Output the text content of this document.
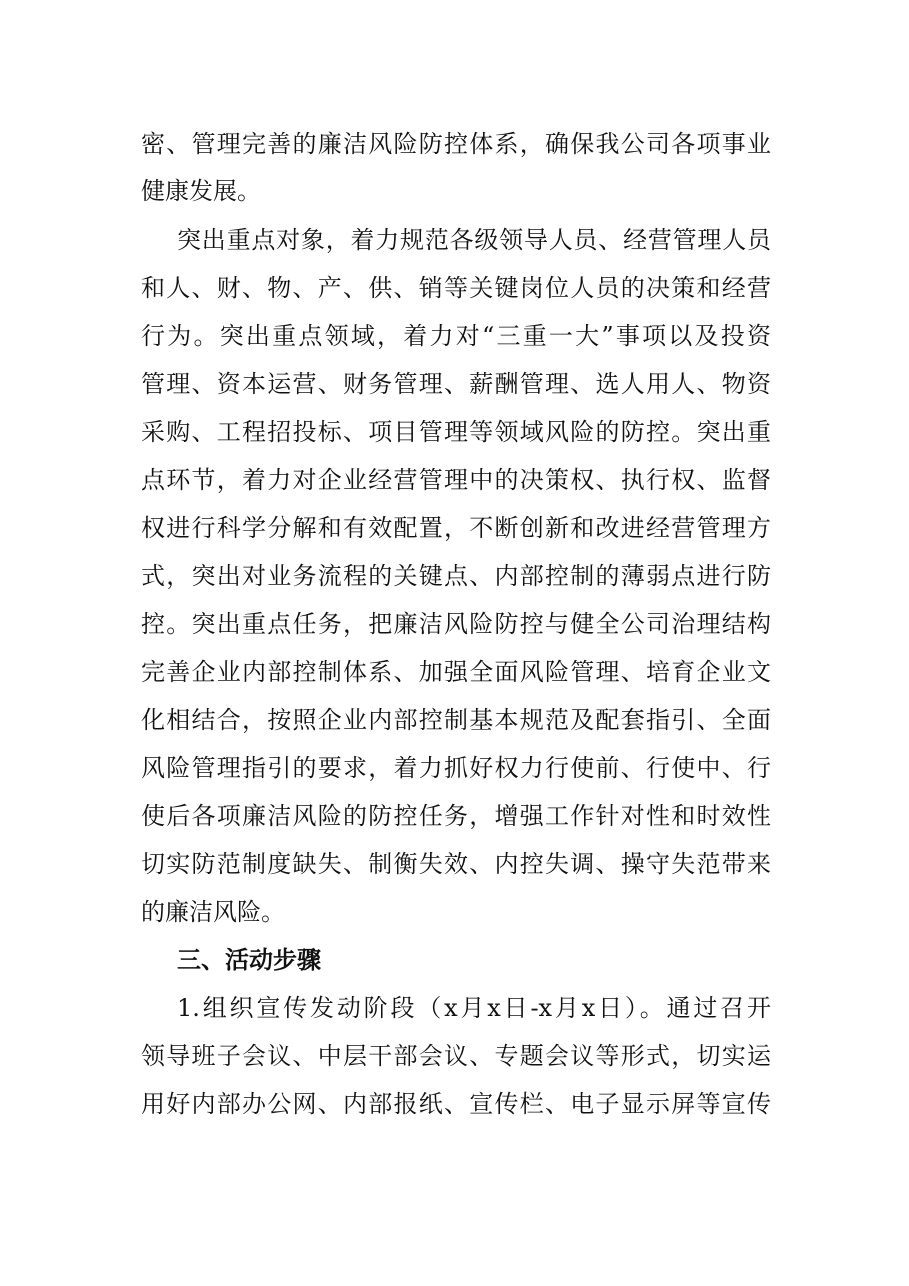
密、管理完善的廉洁风险防控体系，确保我公司各项事业
健康发展。
突出重点对象，着力规范各级领导人员、经营管理人员
和人、财、物、产、供、销等关键岗位人员的决策和经营
行为。突出重点领域，着力对“三重一大”事项以及投资
管理、资本运营、财务管理、薪酬管理、选人用人、物资
采购、工程招投标、项目管理等领域风险的防控。突出重
点环节，着力对企业经营管理中的决策权、执行权、监督
权进行科学分解和有效配置，不断创新和改进经营管理方
式，突出对业务流程的关键点、内部控制的薄弱点进行防
控。突出重点任务，把廉洁风险防控与健全公司治理结构
完善企业内部控制体系、加强全面风险管理、培育企业文
化相结合，按照企业内部控制基本规范及配套指引、全面
风险管理指引的要求，着力抓好权力行使前、行使中、行
使后各项廉洁风险的防控任务，增强工作针对性和时效性
切实防范制度缺失、制衡失效、内控失调、操守失范带来
的廉洁风险。
三、活动步骤
1.组织宣传发动阶段（x月x日-x月x日）。通过召开
领导班子会议、中层干部会议、专题会议等形式，切实运
用好内部办公网、内部报纸、宣传栏、电子显示屏等宣传
